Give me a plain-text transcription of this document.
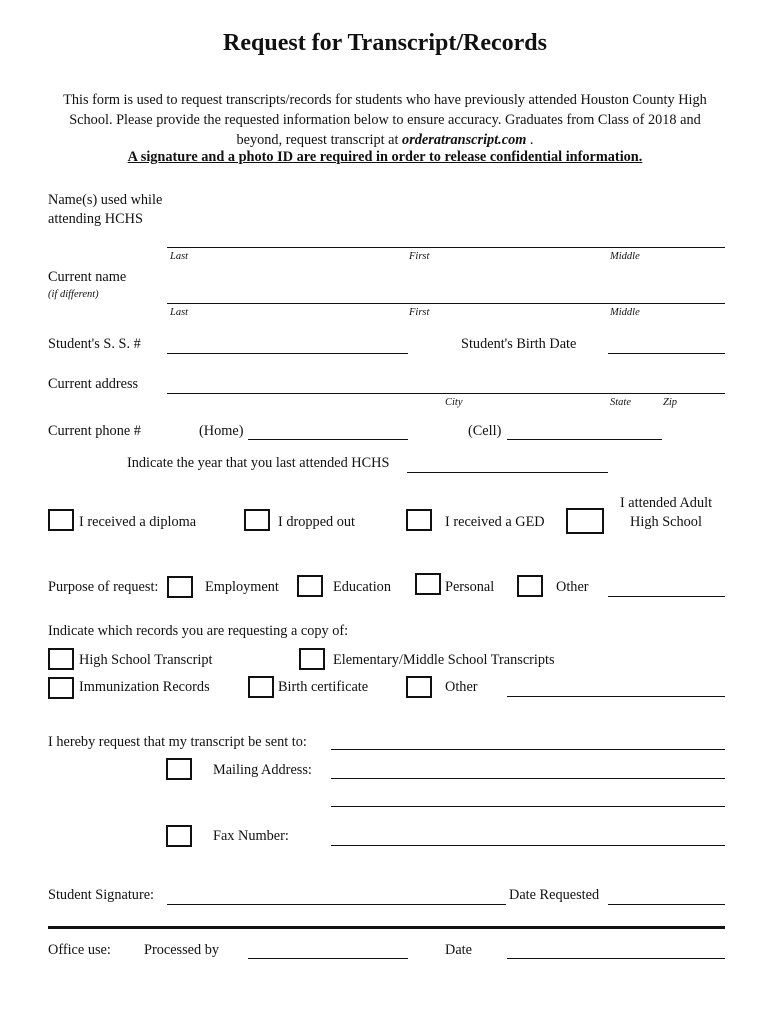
Request for Transcript/Records
This form is used to request transcripts/records for students who have previously attended Houston County High School. Please provide the requested information below to ensure accuracy. Graduates from Class of 2018 and beyond, request transcript at orderatranscript.com .
A signature and a photo ID are required in order to release confidential information.
Name(s) used while attending HCHS
Last	First	Middle
Current name
(if different)
Last	First	Middle
Student's S. S. #	Student's Birth Date
Current address
City	State	Zip
Current phone #	(Home)	(Cell)
Indicate the year that you last attended HCHS
I received a diploma	I dropped out	I received a GED
I attended Adult
High School
Purpose of request:	Employment	Education	Personal	Other
Indicate which records you are requesting a copy of:
High School Transcript	Elementary/Middle School Transcripts
Immunization Records	Birth certificate	Other
I hereby request that my transcript be sent to:
Mailing Address:
Fax Number:
Student Signature:	Date Requested
Office use: Processed by	Date
